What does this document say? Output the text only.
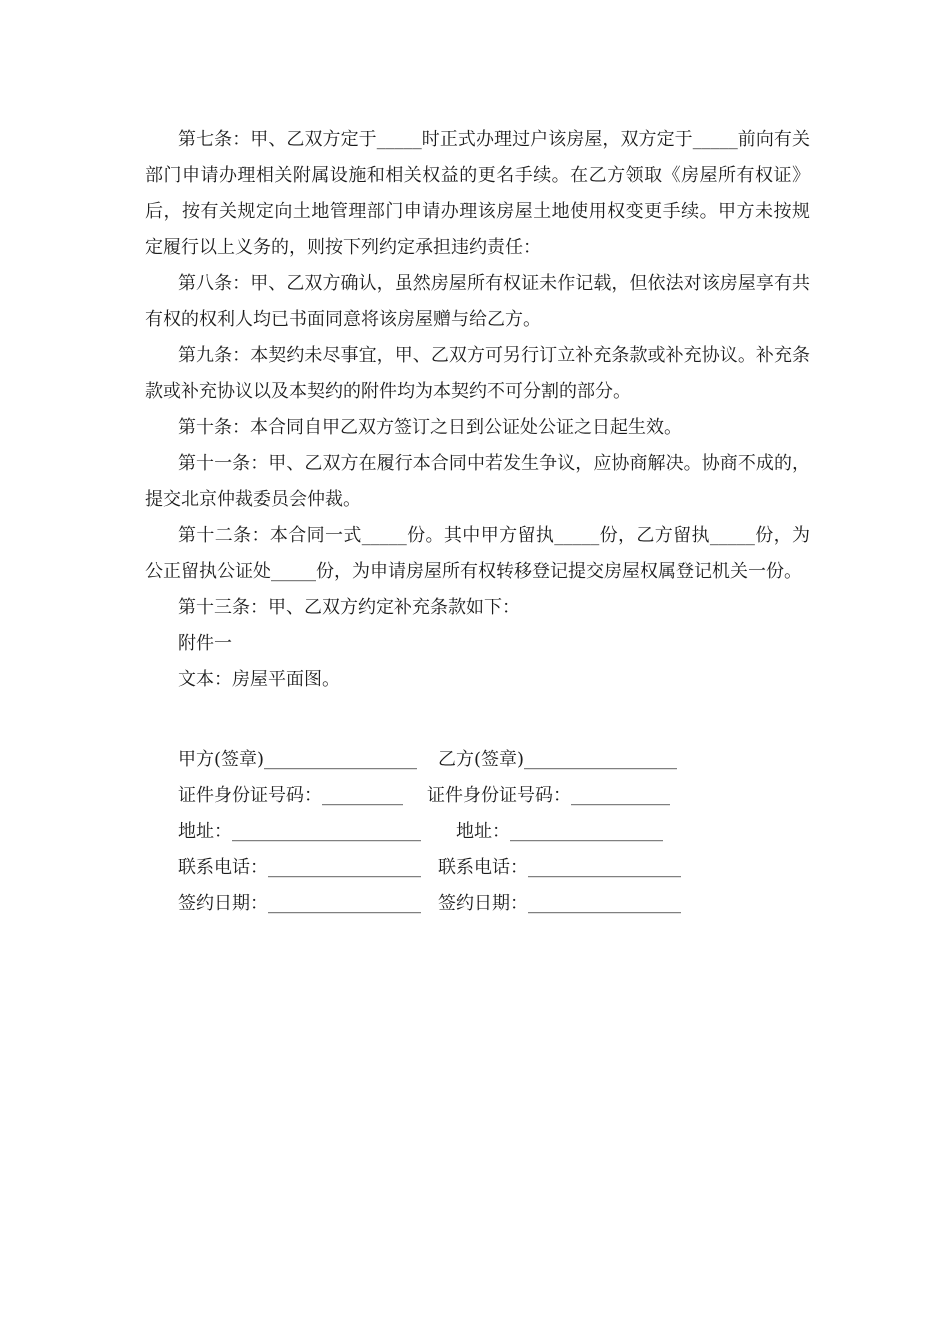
第七条：甲、乙双方定于_____时正式办理过户该房屋，双方定于_____前向有关部门申请办理相关附属设施和相关权益的更名手续。在乙方领取《房屋所有权证》后，按有关规定向土地管理部门申请办理该房屋土地使用权变更手续。甲方未按规定履行以上义务的，则按下列约定承担违约责任：

第八条：甲、乙双方确认，虽然房屋所有权证未作记载，但依法对该房屋享有共有权的权利人均已书面同意将该房屋赠与给乙方。

第九条：本契约未尽事宜，甲、乙双方可另行订立补充条款或补充协议。补充条款或补充协议以及本契约的附件均为本契约不可分割的部分。

第十条：本合同自甲乙双方签订之日到公证处公证之日起生效。

第十一条：甲、乙双方在履行本合同中若发生争议，应协商解决。协商不成的，提交北京仲裁委员会仲裁。

第十二条：本合同一式_____份。其中甲方留执_____份，乙方留执_____份，为公正留执公证处_____份，为申请房屋所有权转移登记提交房屋权属登记机关一份。

第十三条：甲、乙双方约定补充条款如下：

附件一

文本：房屋平面图。

甲方(签章)_________________ 乙方(签章)_________________
证件身份证号码：_________ 证件身份证号码：___________
地址：_____________________ 地址：_________________
联系电话：_________________ 联系电话：_________________
签约日期：_________________ 签约日期：_________________
